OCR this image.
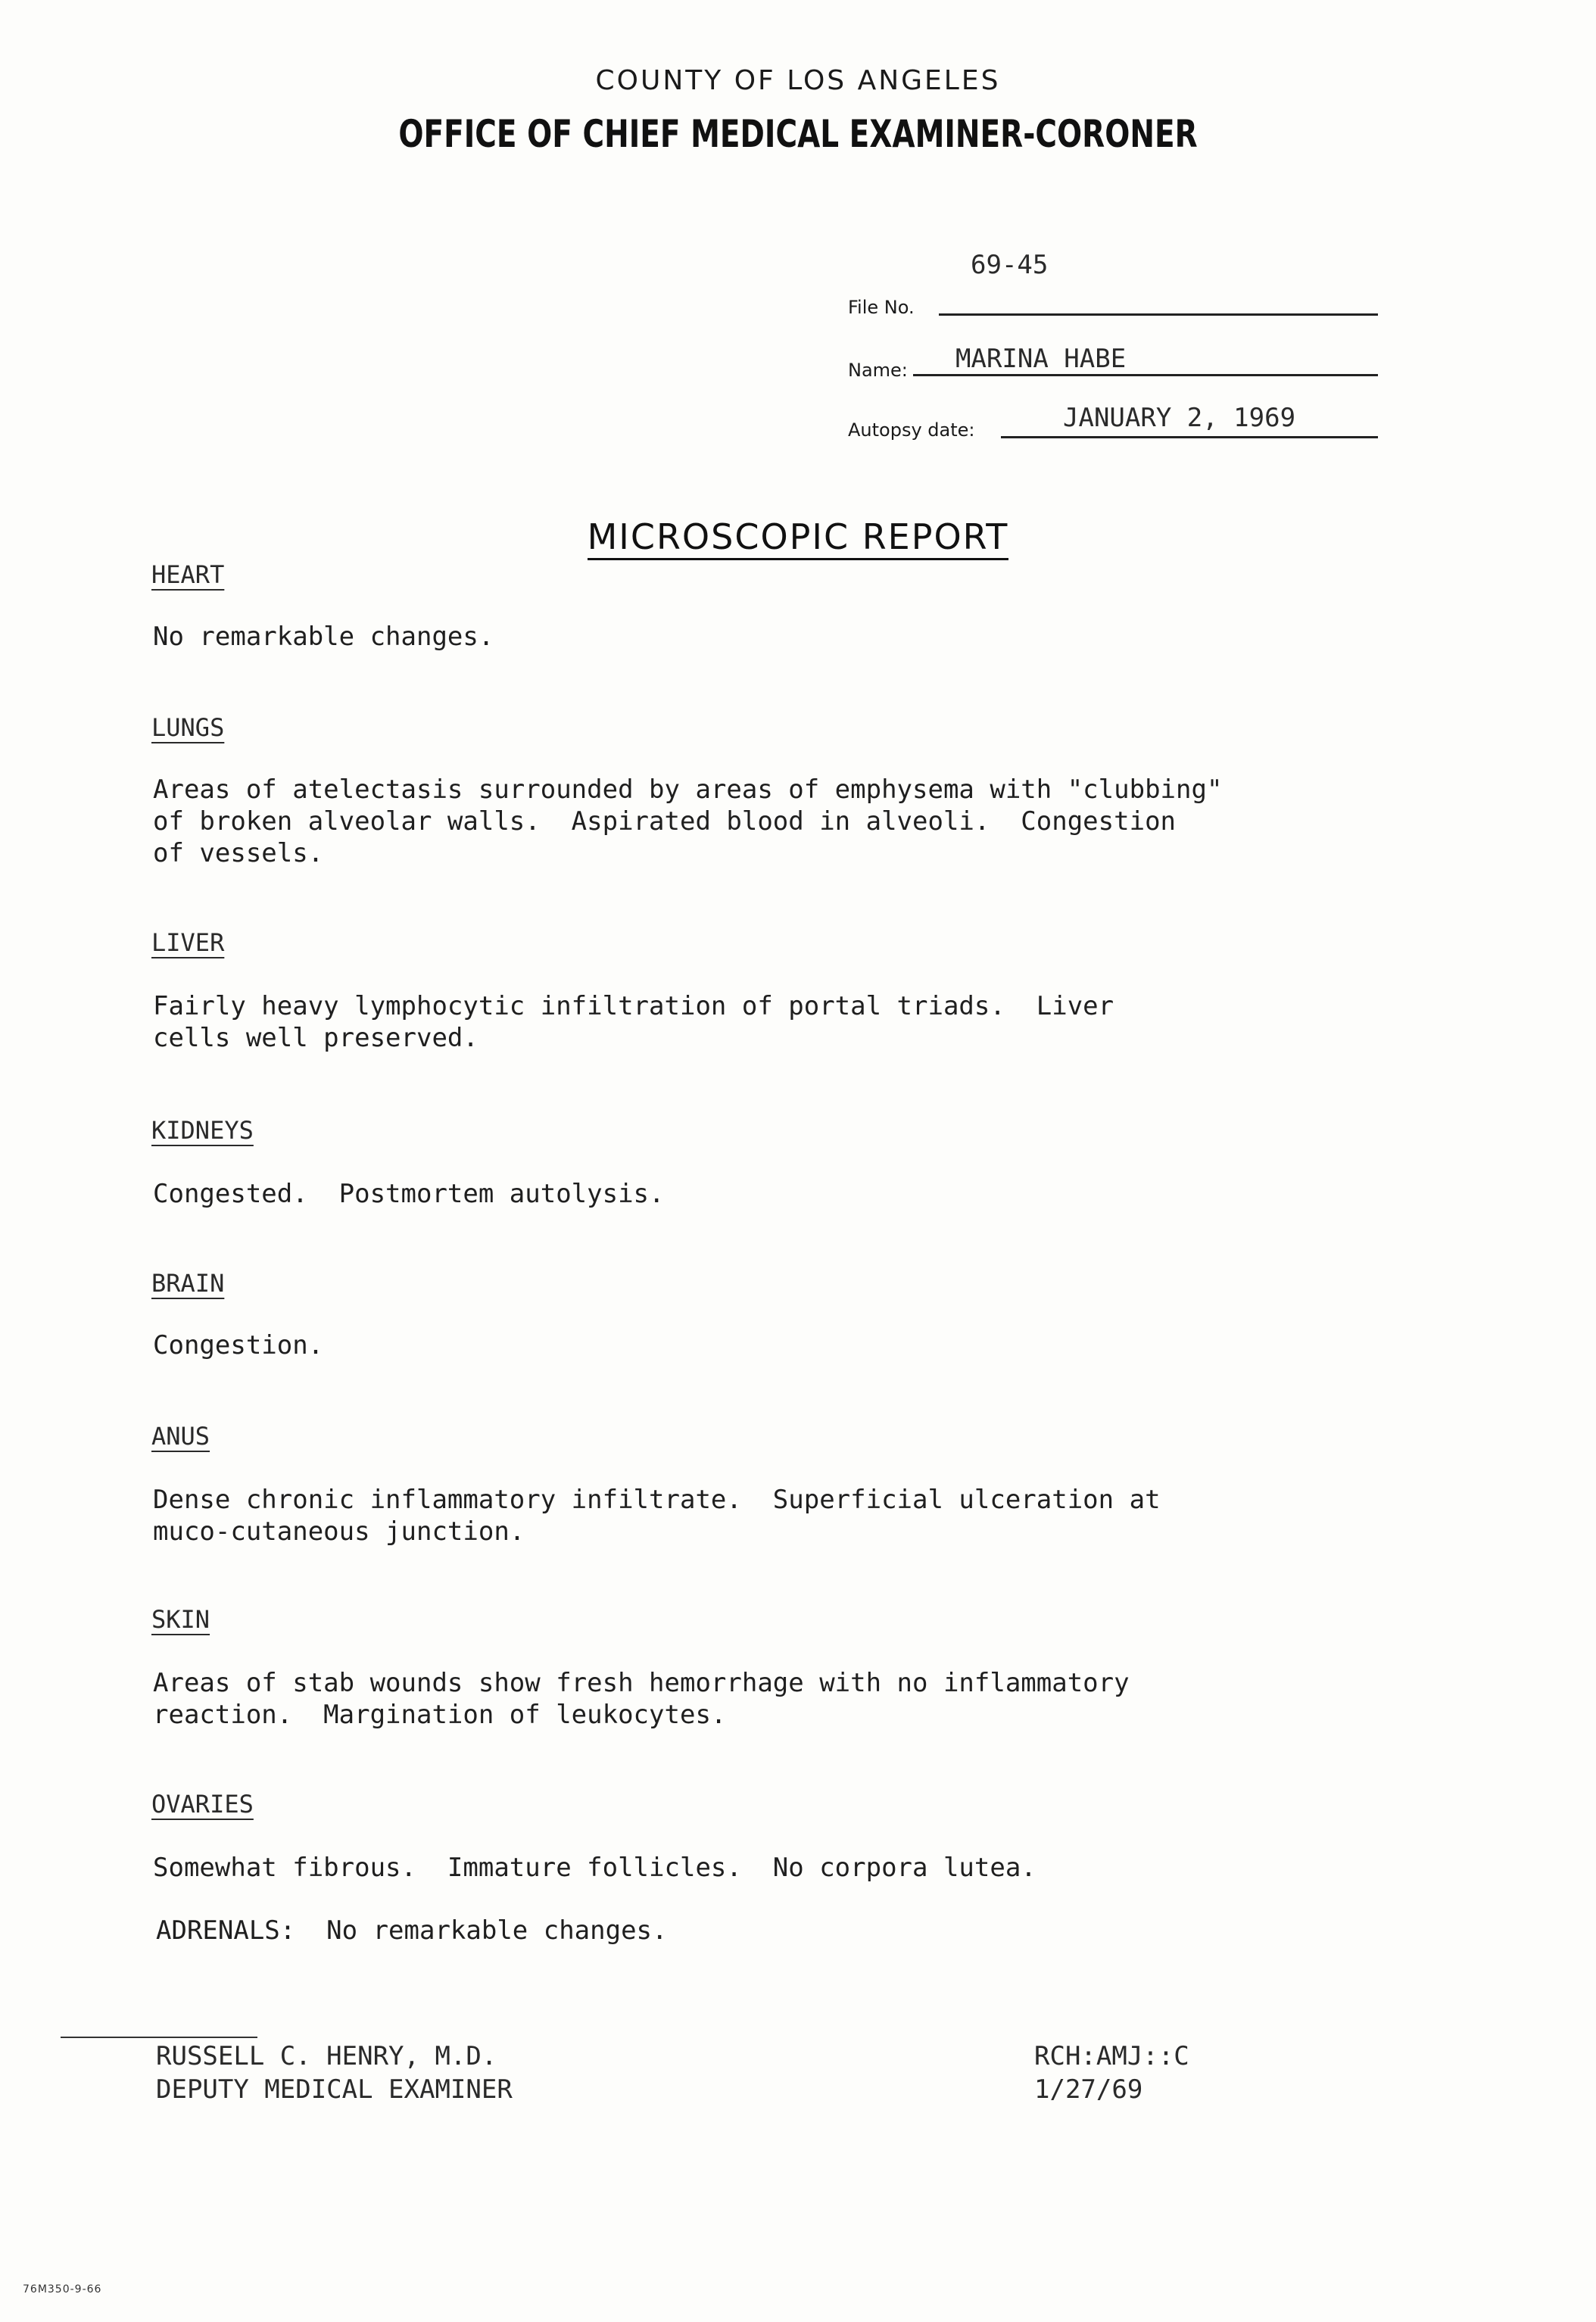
COUNTY OF LOS ANGELES
OFFICE OF CHIEF MEDICAL EXAMINER-CORONER
69-45
File No.
Name: MARINA HABE
Autopsy date:	JANUARY 2, 1969
MICROSCOPIC REPORT
HEART
No remarkable changes.
LUNGS
Areas of atelectasis surrounded by areas of emphysema with "clubbing"
of broken alveolar walls.  Aspirated blood in alveoli.  Congestion
of vessels.
LIVER
Fairly heavy lymphocytic infiltration of portal triads.  Liver
cells well preserved.
KIDNEYS
Congested.  Postmortem autolysis.
BRAIN
Congestion.
ANUS
Dense chronic inflammatory infiltrate.  Superficial ulceration at
muco-cutaneous junction.
SKIN
Areas of stab wounds show fresh hemorrhage with no inflammatory
reaction.  Margination of leukocytes.
OVARIES
Somewhat fibrous.  Immature follicles.  No corpora lutea.
ADRENALS:  No remarkable changes.
RUSSELL C. HENRY, M.D.
DEPUTY MEDICAL EXAMINER
RCH:AMJ::C
1/27/69
76M350-9-66
